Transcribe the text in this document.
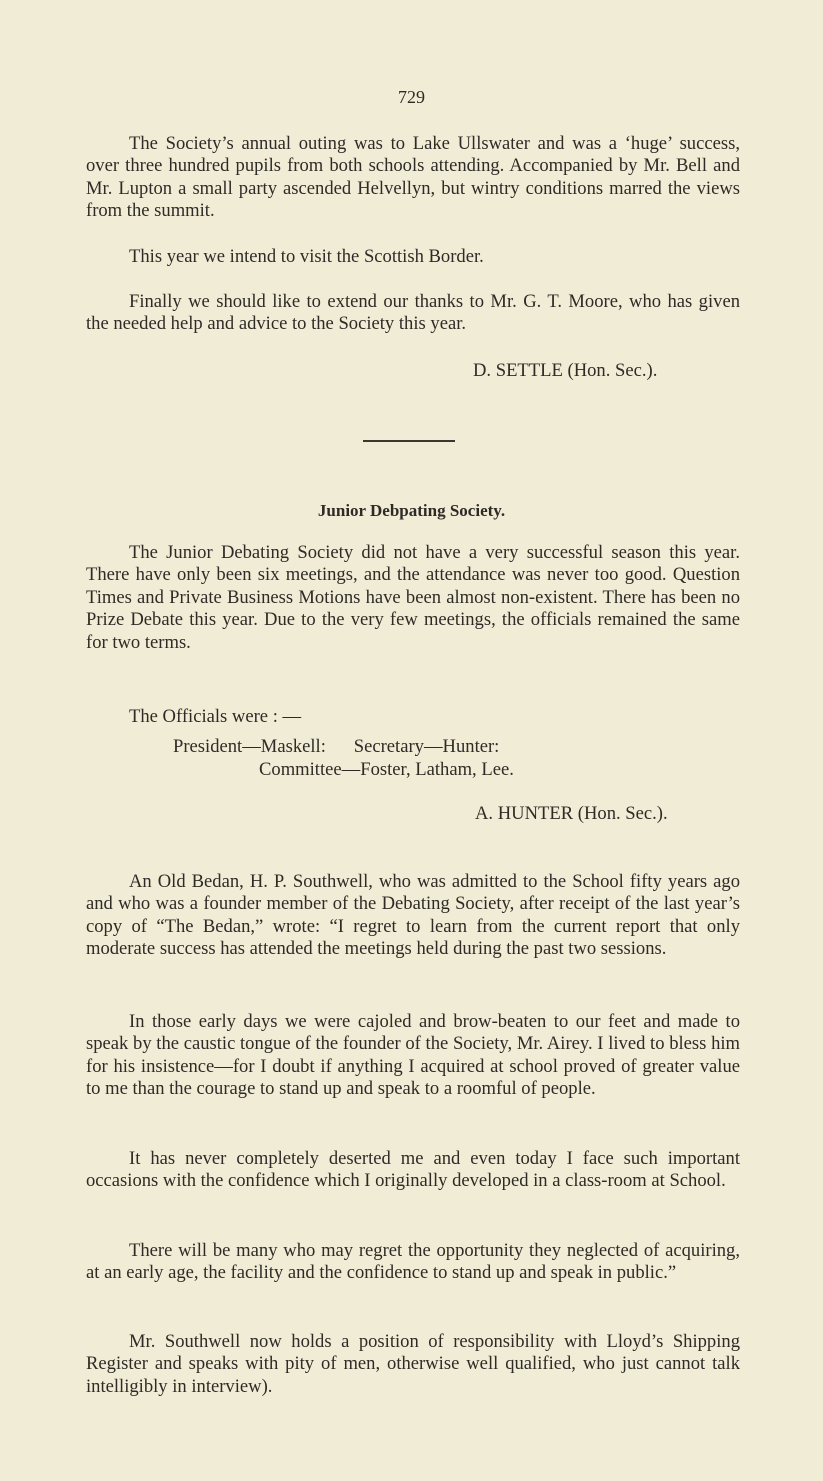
729

The Society’s annual outing was to Lake Ullswater and was a ‘huge’ success, over three hundred pupils from both schools attending. Accompanied by Mr. Bell and Mr. Lupton a small party ascended Helvellyn, but wintry conditions marred the views from the summit.

This year we intend to visit the Scottish Border.

Finally we should like to extend our thanks to Mr. G. T. Moore, who has given the needed help and advice to the Society this year.

D. SETTLE (Hon. Sec.).
Junior Debpating Society.

The Junior Debating Society did not have a very successful season this year. There have only been six meetings, and the attendance was never too good. Question Times and Private Business Motions have been almost non-existent. There has been no Prize Debate this year. Due to the very few meetings, the officials remained the same for two terms.

The Officials were : —
President—Maskell:      Secretary—Hunter:
Committee—Foster, Latham, Lee.
A. HUNTER (Hon. Sec.).

An Old Bedan, H. P. Southwell, who was admitted to the School fifty years ago and who was a founder member of the Debating Society, after receipt of the last year’s copy of “The Bedan,” wrote: “I regret to learn from the current report that only moderate success has attended the meetings held during the past two sessions.

In those early days we were cajoled and brow-beaten to our feet and made to speak by the caustic tongue of the founder of the Society, Mr. Airey. I lived to bless him for his insistence—for I doubt if anything I acquired at school proved of greater value to me than the courage to stand up and speak to a roomful of people.

It has never completely deserted me and even today I face such important occasions with the confidence which I originally developed in a class-room at School.

There will be many who may regret the opportunity they neglected of acquiring, at an early age, the facility and the confidence to stand up and speak in public.”

Mr. Southwell now holds a position of responsibility with Lloyd’s Shipping Register and speaks with pity of men, otherwise well qualified, who just cannot talk intelligibly in interview).
